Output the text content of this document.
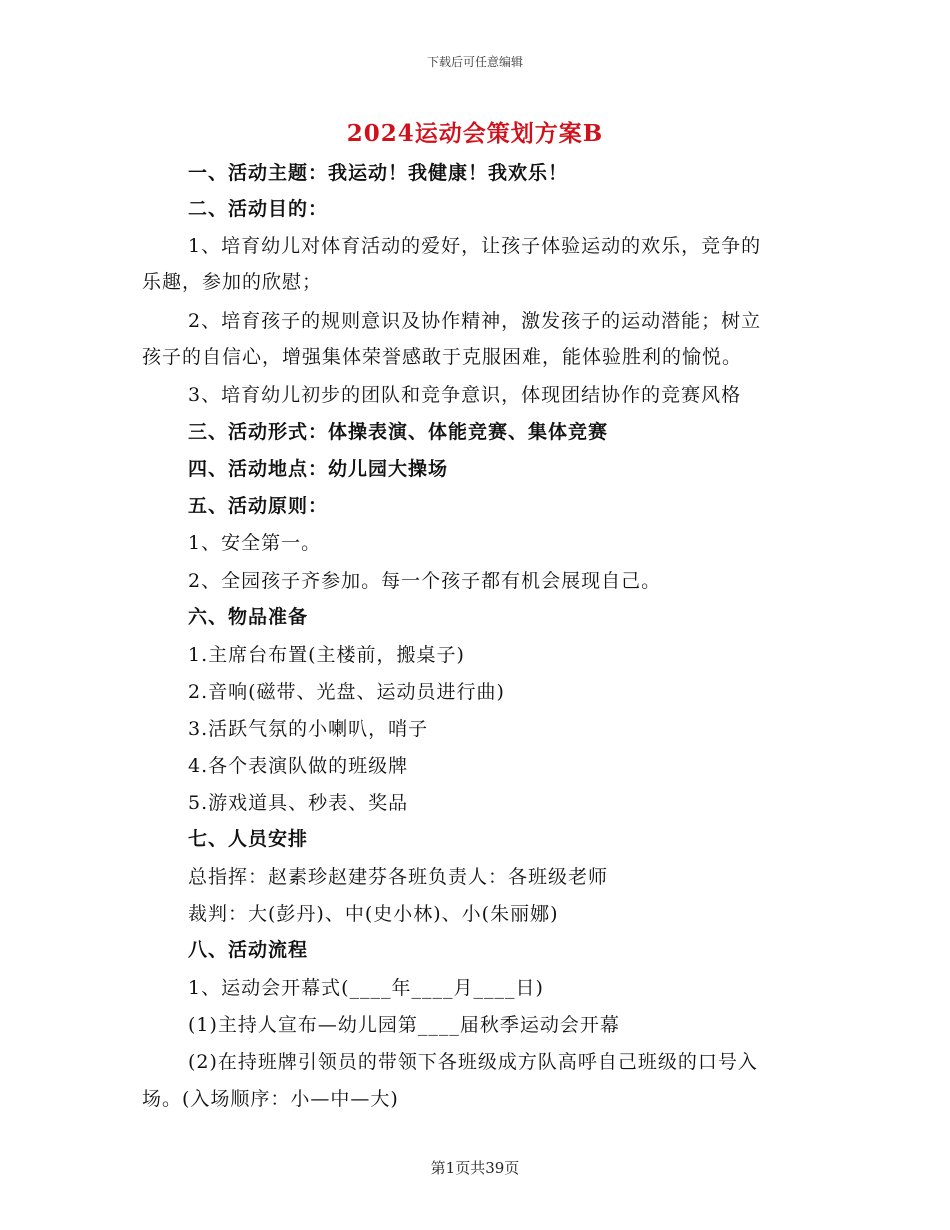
下载后可任意编辑
2024运动会策划方案B
一、活动主题：我运动！我健康！我欢乐！
二、活动目的：
1、培育幼儿对体育活动的爱好，让孩子体验运动的欢乐，竞争的
乐趣，参加的欣慰；
2、培育孩子的规则意识及协作精神，激发孩子的运动潜能；树立
孩子的自信心，增强集体荣誉感敢于克服困难，能体验胜利的愉悦。
3、培育幼儿初步的团队和竞争意识，体现团结协作的竞赛风格
三、活动形式：体操表演、体能竞赛、集体竞赛
四、活动地点：幼儿园大操场
五、活动原则：
1、安全第一。
2、全园孩子齐参加。每一个孩子都有机会展现自己。
六、物品准备
1.主席台布置(主楼前，搬桌子)
2.音响(磁带、光盘、运动员进行曲)
3.活跃气氛的小喇叭，哨子
4.各个表演队做的班级牌
5.游戏道具、秒表、奖品
七、人员安排
总指挥：赵素珍赵建芬各班负责人：各班级老师
裁判：大(彭丹)、中(史小林)、小(朱丽娜)
八、活动流程
1、运动会开幕式(____年____月____日)
(1)主持人宣布—幼儿园第____届秋季运动会开幕
(2)在持班牌引领员的带领下各班级成方队高呼自己班级的口号入
场。(入场顺序：小—中—大)
第1页共39页
